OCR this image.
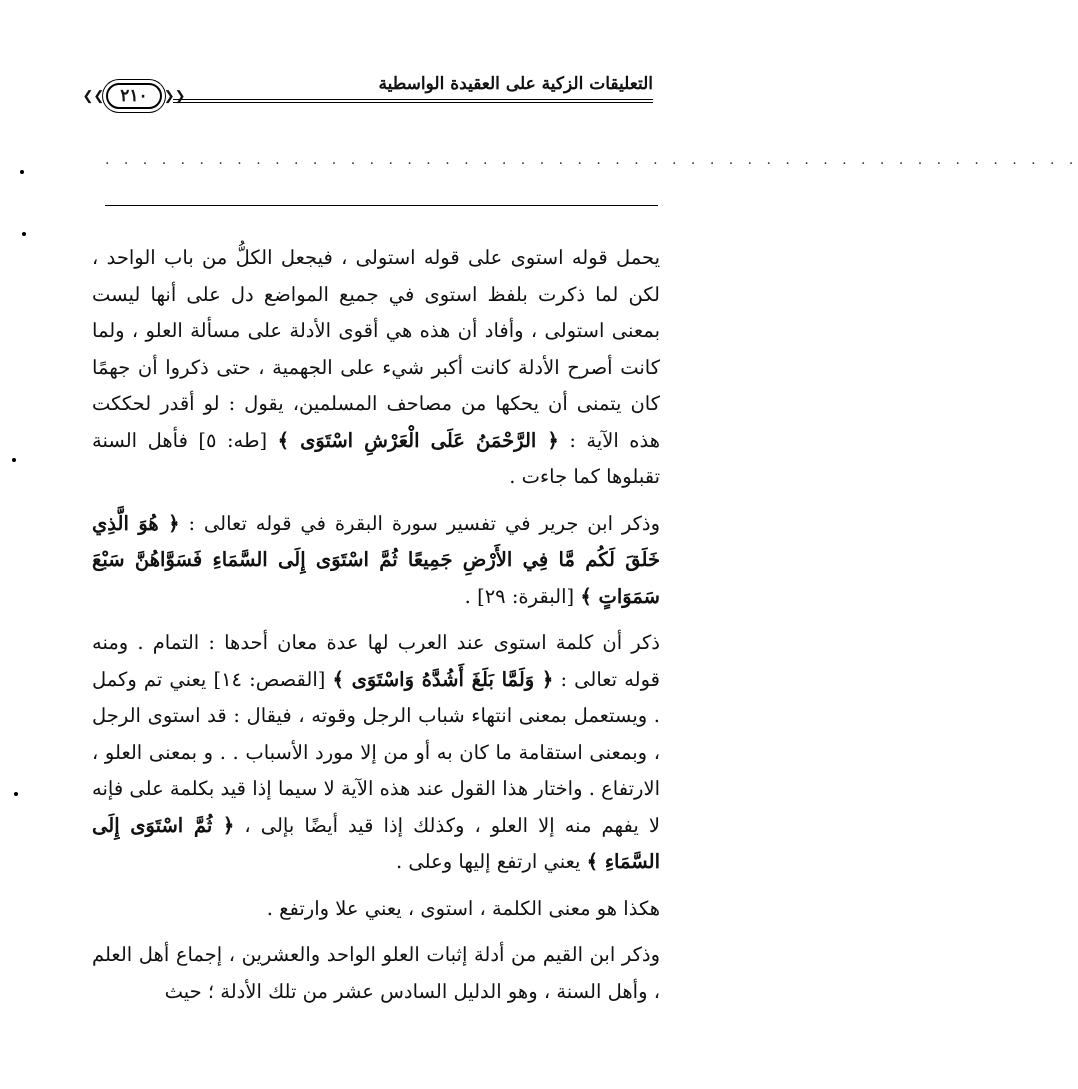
التعليقات الزكية على العقيدة الواسطية
❮❮ ٢١٠	❯❯
. . . . . . . . . . . . . . . . . . . . . . . . . . . . . . . . . . . . . . . . . . . . . . . . . . . .

يحمل قوله استوى على قوله استولى ، فيجعل الكلُّ من باب الواحد ، لكن لما ذكرت بلفظ استوى في جميع المواضع دل على أنها ليست بمعنى استولى ، وأفاد أن هذه هي أقوى الأدلة على مسألة العلو ، ولما كانت أصرح الأدلة كانت أكبر شيء على الجهمية ، حتى ذكروا أن جهمًا كان يتمنى أن يحكها من مصاحف المسلمين، يقول : لو أقدر لحككت هذه الآية : ﴿ الرَّحْمَنُ عَلَى الْعَرْشِ اسْتَوَى ﴾ [طه: ٥] فأهل السنة تقبلوها كما جاءت .

وذكر ابن جرير في تفسير سورة البقرة في قوله تعالى : ﴿ هُوَ الَّذِي خَلَقَ لَكُم مَّا فِي الأَرْضِ جَمِيعًا ثُمَّ اسْتَوَى إِلَى السَّمَاءِ فَسَوَّاهُنَّ سَبْعَ سَمَوَاتٍ ﴾ [البقرة: ٢٩] .

ذكر أن كلمة استوى عند العرب لها عدة معان أحدها : التمام . ومنه قوله تعالى : ﴿ وَلَمَّا بَلَغَ أَشُدَّهُ وَاسْتَوَى ﴾ [القصص: ١٤] يعني تم وكمل . ويستعمل بمعنى انتهاء شباب الرجل وقوته ، فيقال : قد استوى الرجل ، وبمعنى استقامة ما كان به أو من إلا مورد الأسباب . . و بمعنى العلو ، الارتفاع . واختار هذا القول عند هذه الآية لا سيما إذا قيد بكلمة على فإنه لا يفهم منه إلا العلو ، وكذلك إذا قيد أيضًا بإلى ، ﴿ ثُمَّ اسْتَوَى إِلَى السَّمَاءِ ﴾ يعني ارتفع إليها وعلى .

هكذا هو معنى الكلمة ، استوى ، يعني علا وارتفع .

وذكر ابن القيم من أدلة إثبات العلو الواحد والعشرين ، إجماع أهل العلم ، وأهل السنة ، وهو الدليل السادس عشر من تلك الأدلة ؛ حيث
